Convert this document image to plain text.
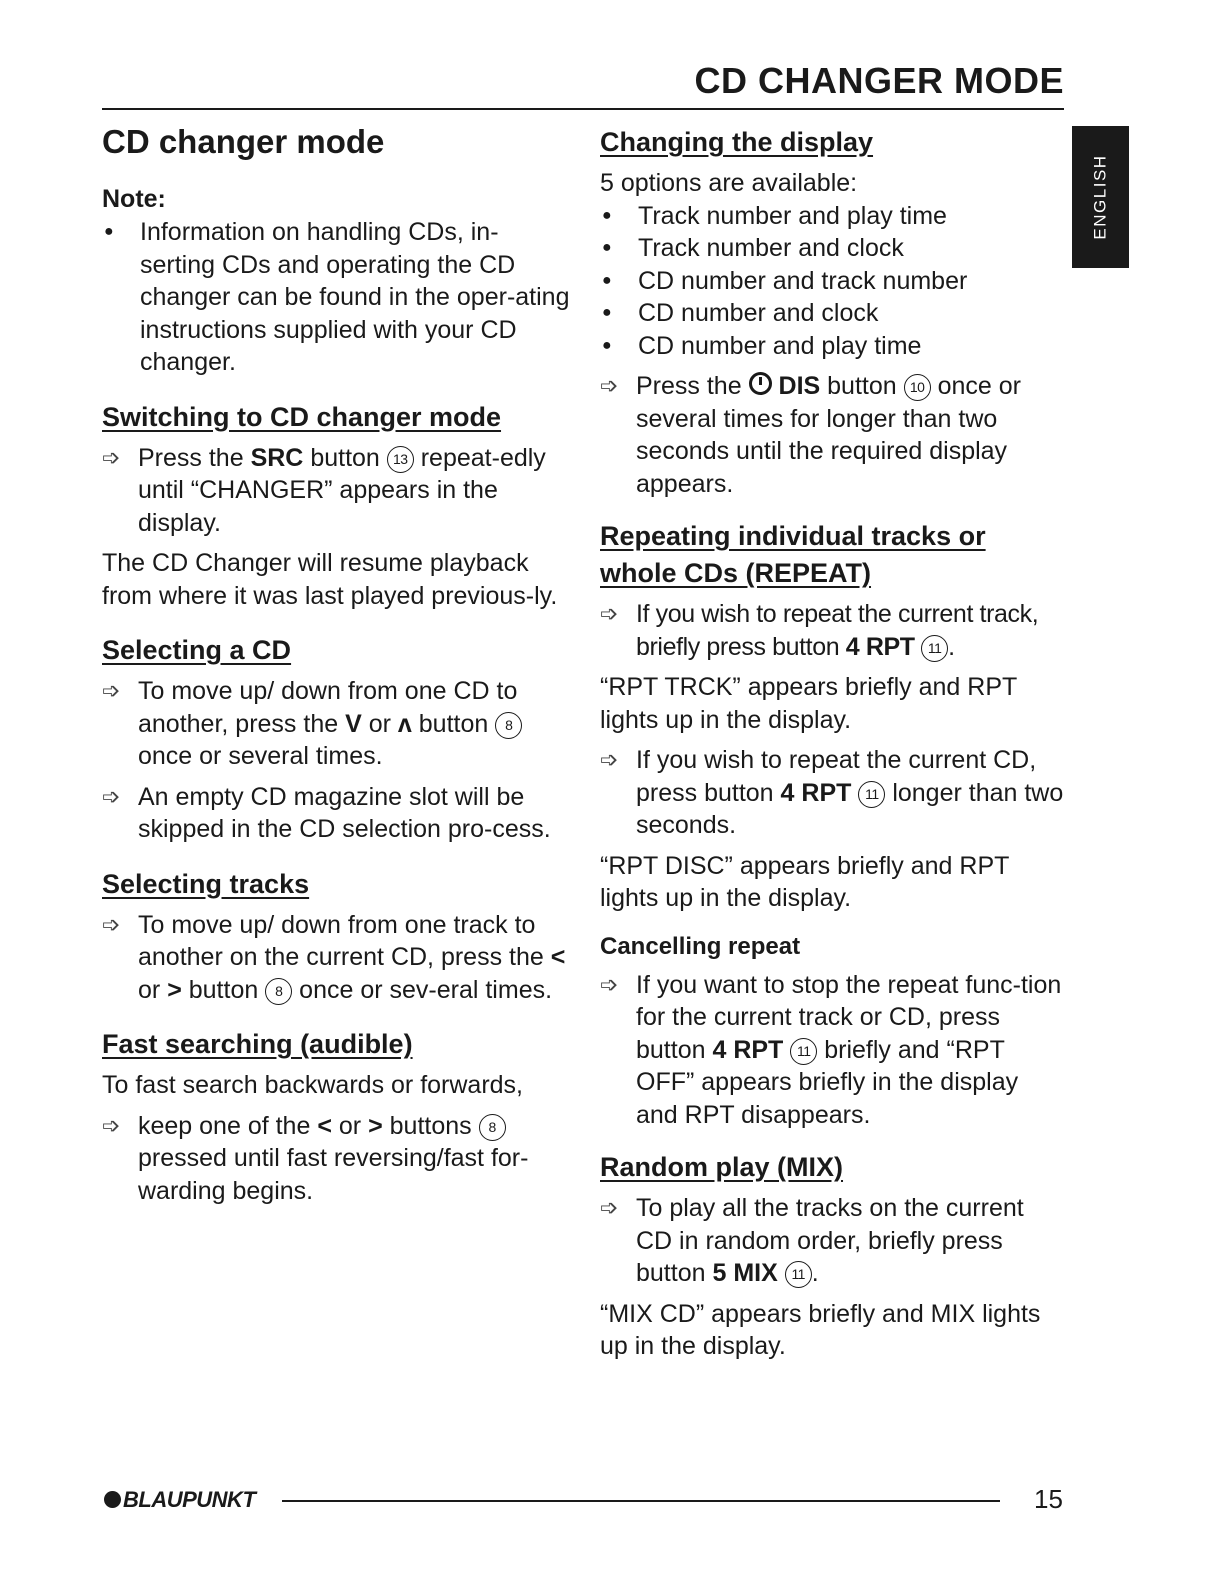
CD CHANGER MODE
ENGLISH
CD changer mode
Note:
●	Information on handling CDs, in-serting CDs and operating the CD changer can be found in the oper-ating instructions supplied with your CD changer.
Switching to CD changer mode
➩ Press the SRC button 13 repeat-edly until “CHANGER” appears in the display.

The CD Changer will resume playback from where it was last played previous-ly.

Selecting a CD
➩ To move up/ down from one CD to another, press the V or ʌ button 8 once or several times.
➩ An empty CD magazine slot will be skipped in the CD selection pro-cess.
Selecting tracks
➩ To move up/ down from one track to another on the current CD, press the < or > button 8 once or sev-eral times.
Fast searching (audible)

To fast search backwards or forwards,

➩ keep one of the < or > buttons 8 pressed until fast reversing/fast for-warding begins.
Changing the display

5 options are available:

●	Track number and play time
●	Track number and clock
●	CD number and track number
●	CD number and clock
●	CD number and play time
➩ Press the DIS button 10 once or several times for longer than two seconds until the required display appears.
Repeating individual tracks or whole CDs (REPEAT)
➩ If you wish to repeat the current track, briefly press button 4 RPT 11 .

“RPT TRCK” appears briefly and RPT lights up in the display.

➩ If you wish to repeat the current CD, press button 4 RPT 11 longer than two seconds.

“RPT DISC” appears briefly and RPT lights up in the display.

Cancelling repeat
➩ If you want to stop the repeat func-tion for the current track or CD, press button 4 RPT 11 briefly and “RPT OFF” appears briefly in the display and RPT disappears.
Random play (MIX)
➩ To play all the tracks on the current CD in random order, briefly press button 5 MIX 11 .

“MIX CD” appears briefly and MIX lights up in the display.

BLAUPUNKT	15
